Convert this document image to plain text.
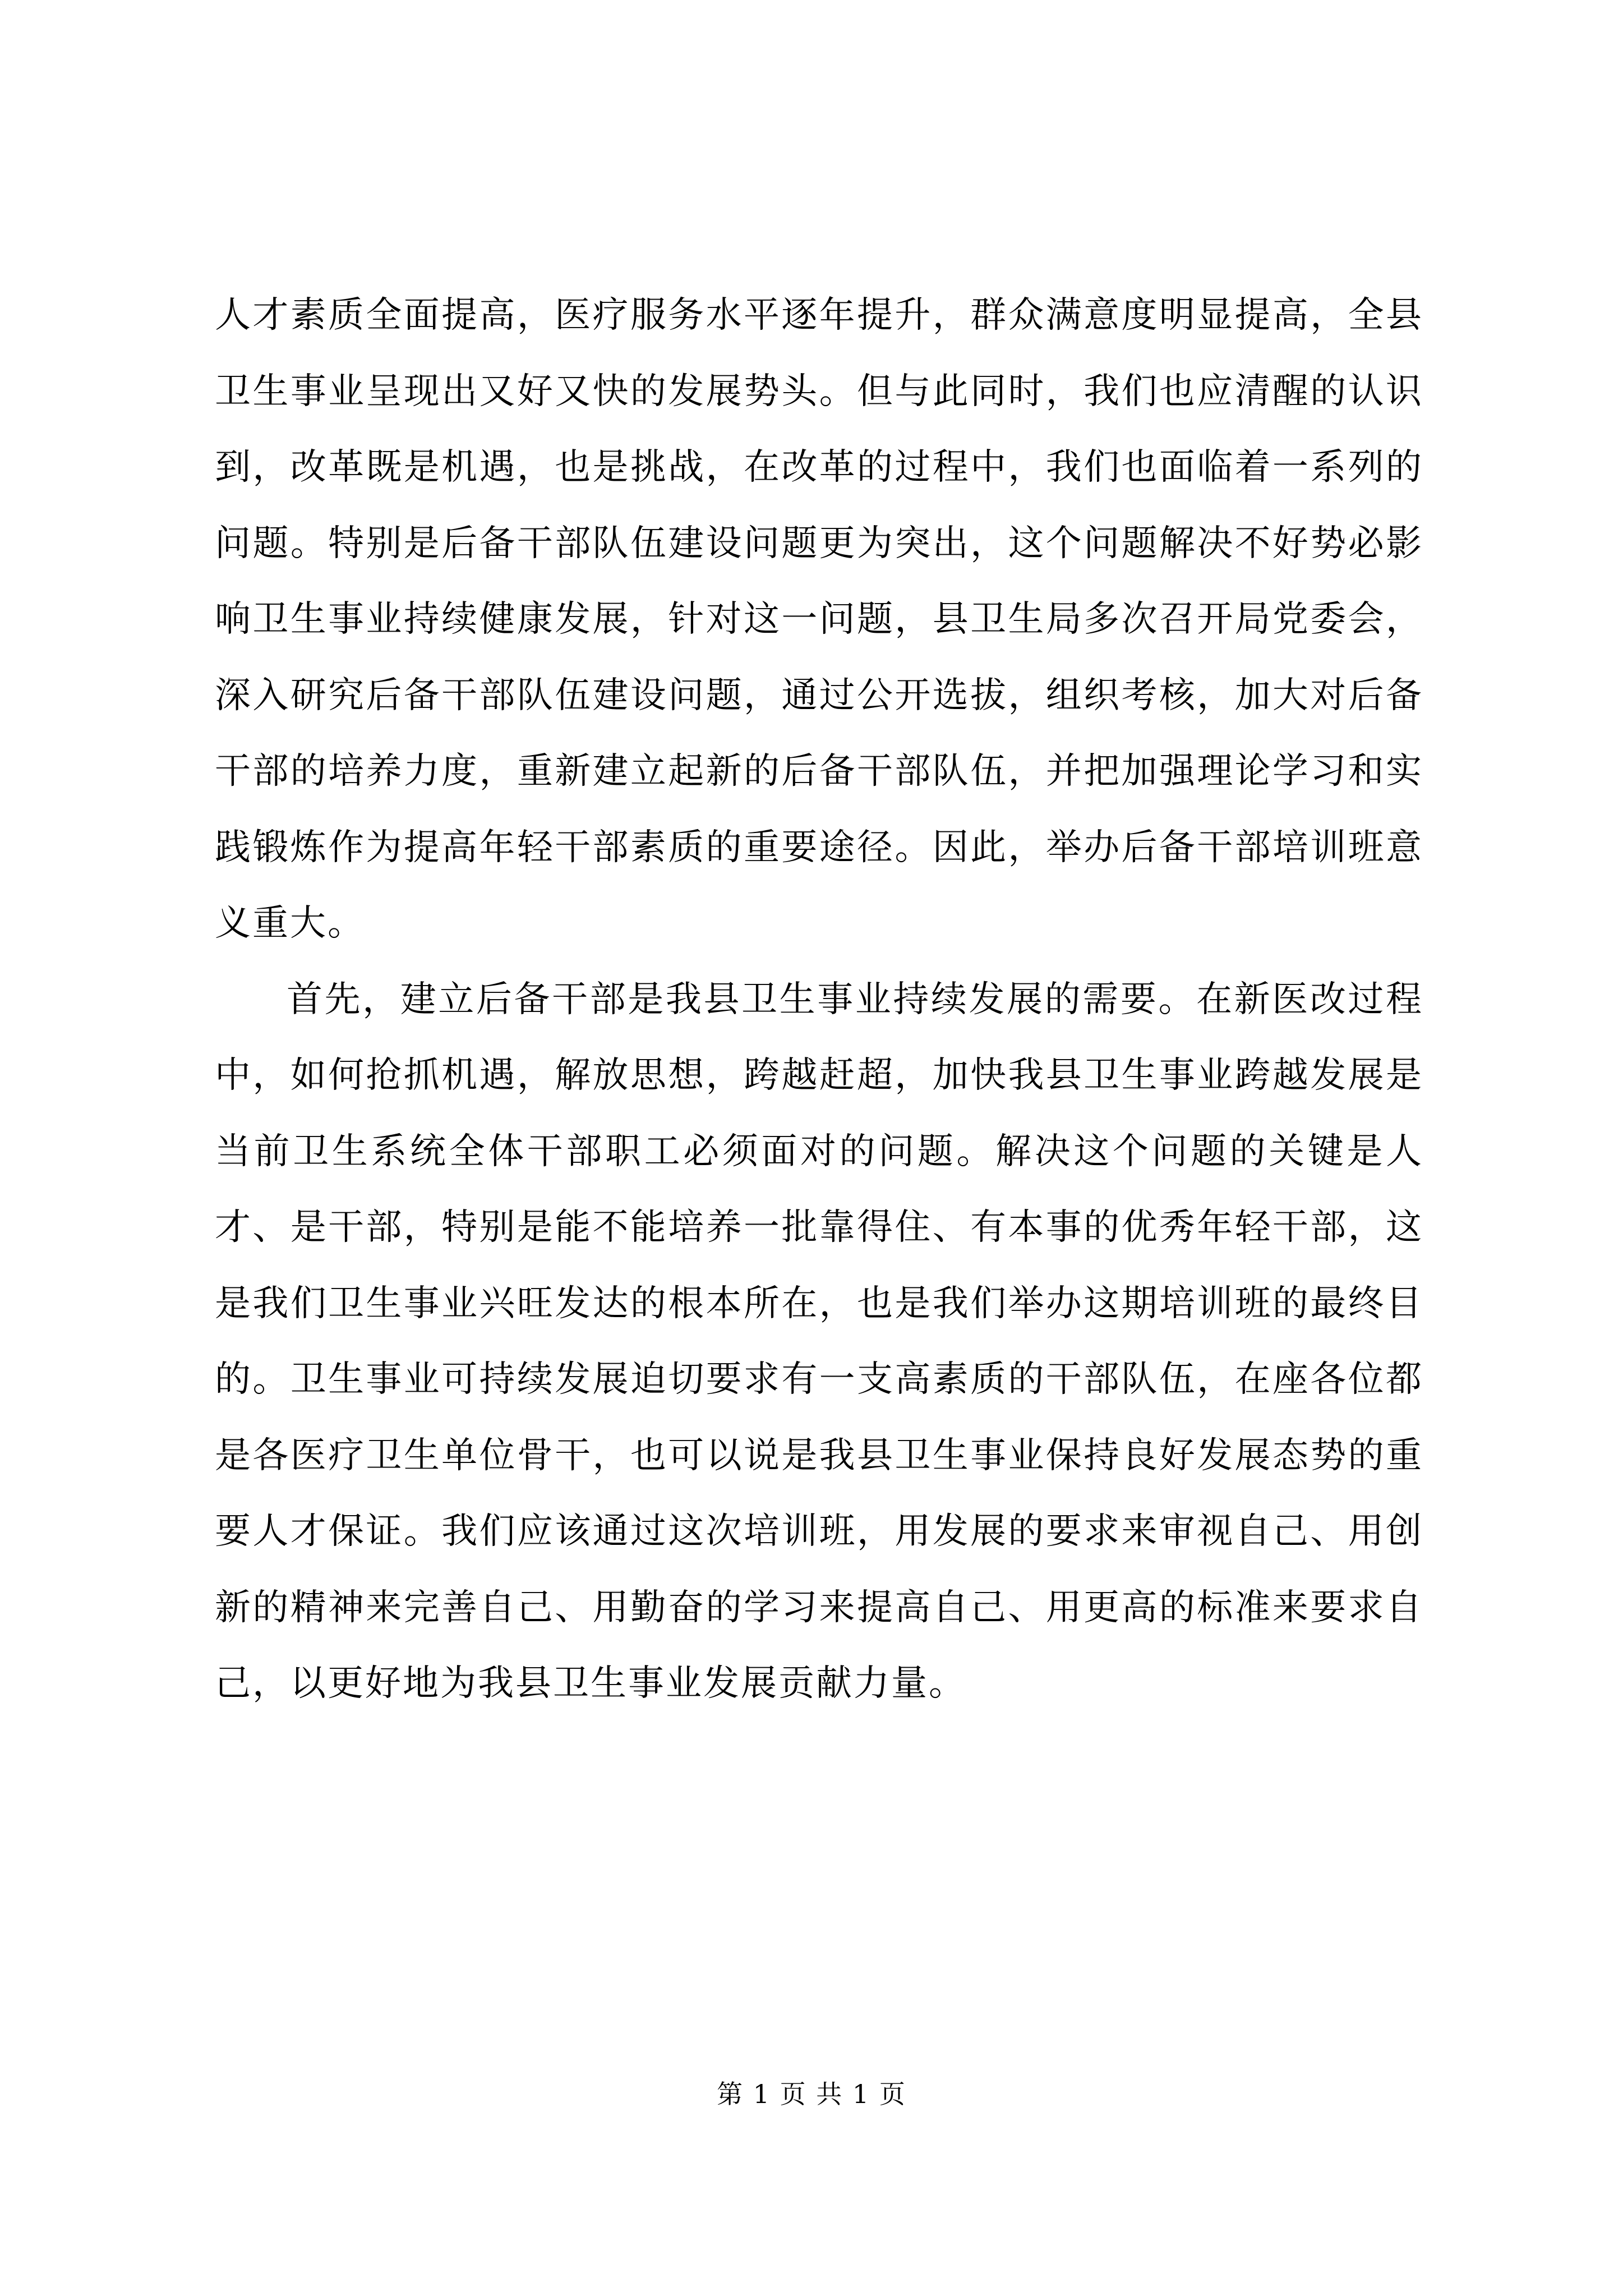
人才素质全面提高，医疗服务水平逐年提升，群众满意度明显提高，全县卫生事业呈现出又好又快的发展势头。但与此同时，我们也应清醒的认识到，改革既是机遇，也是挑战，在改革的过程中，我们也面临着一系列的问题。特别是后备干部队伍建设问题更为突出，这个问题解决不好势必影响卫生事业持续健康发展，针对这一问题，县卫生局多次召开局党委会，深入研究后备干部队伍建设问题，通过公开选拔，组织考核，加大对后备干部的培养力度，重新建立起新的后备干部队伍，并把加强理论学习和实践锻炼作为提高年轻干部素质的重要途径。因此，举办后备干部培训班意义重大。

首先，建立后备干部是我县卫生事业持续发展的需要。在新医改过程中，如何抢抓机遇，解放思想，跨越赶超，加快我县卫生事业跨越发展是当前卫生系统全体干部职工必须面对的问题。解决这个问题的关键是人才、是干部，特别是能不能培养一批靠得住、有本事的优秀年轻干部，这是我们卫生事业兴旺发达的根本所在，也是我们举办这期培训班的最终目的。卫生事业可持续发展迫切要求有一支高素质的干部队伍，在座各位都是各医疗卫生单位骨干，也可以说是我县卫生事业保持良好发展态势的重要人才保证。我们应该通过这次培训班，用发展的要求来审视自己、用创新的精神来完善自己、用勤奋的学习来提高自己、用更高的标准来要求自己，以更好地为我县卫生事业发展贡献力量。

第 1 页 共 1 页
